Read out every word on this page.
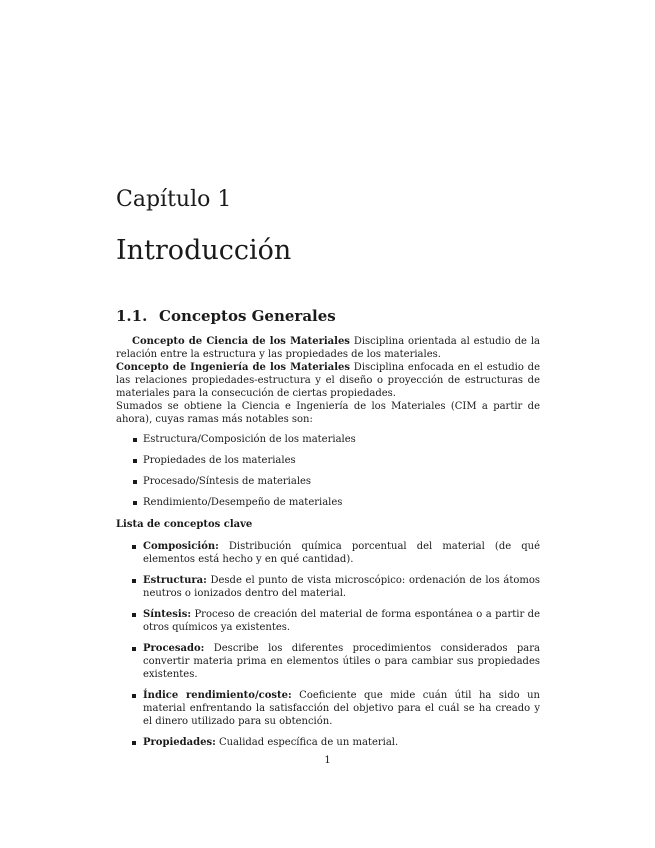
Capítulo 1
Introducción
1.1. Conceptos Generales

Concepto de Ciencia de los Materiales Disciplina orientada al estudio de la relación entre la estructura y las propiedades de los materiales.

Concepto de Ingeniería de los Materiales Disciplina enfocada en el estudio de las relaciones propiedades-estructura y el diseño o proyección de estructuras de materiales para la consecución de ciertas propiedades.

Sumados se obtiene la Ciencia e Ingeniería de los Materiales (CIM a partir de ahora), cuyas ramas más notables son:

Estructura/Composición de los materiales
Propiedades de los materiales
Procesado/Síntesis de materiales
Rendimiento/Desempeño de materiales
Lista de conceptos clave
Composición: Distribución química porcentual del material (de qué elementos está hecho y en qué cantidad).
Estructura: Desde el punto de vista microscópico: ordenación de los átomos neutros o ionizados dentro del material.
Síntesis: Proceso de creación del material de forma espontánea o a partir de otros químicos ya existentes.
Procesado: Describe los diferentes procedimientos considerados para convertir materia prima en elementos útiles o para cambiar sus propiedades existentes.
Índice rendimiento/coste: Coeficiente que mide cuán útil ha sido un material enfrentando la satisfacción del objetivo para el cuál se ha creado y el dinero utilizado para su obtención.
Propiedades: Cualidad específica de un material.
1
